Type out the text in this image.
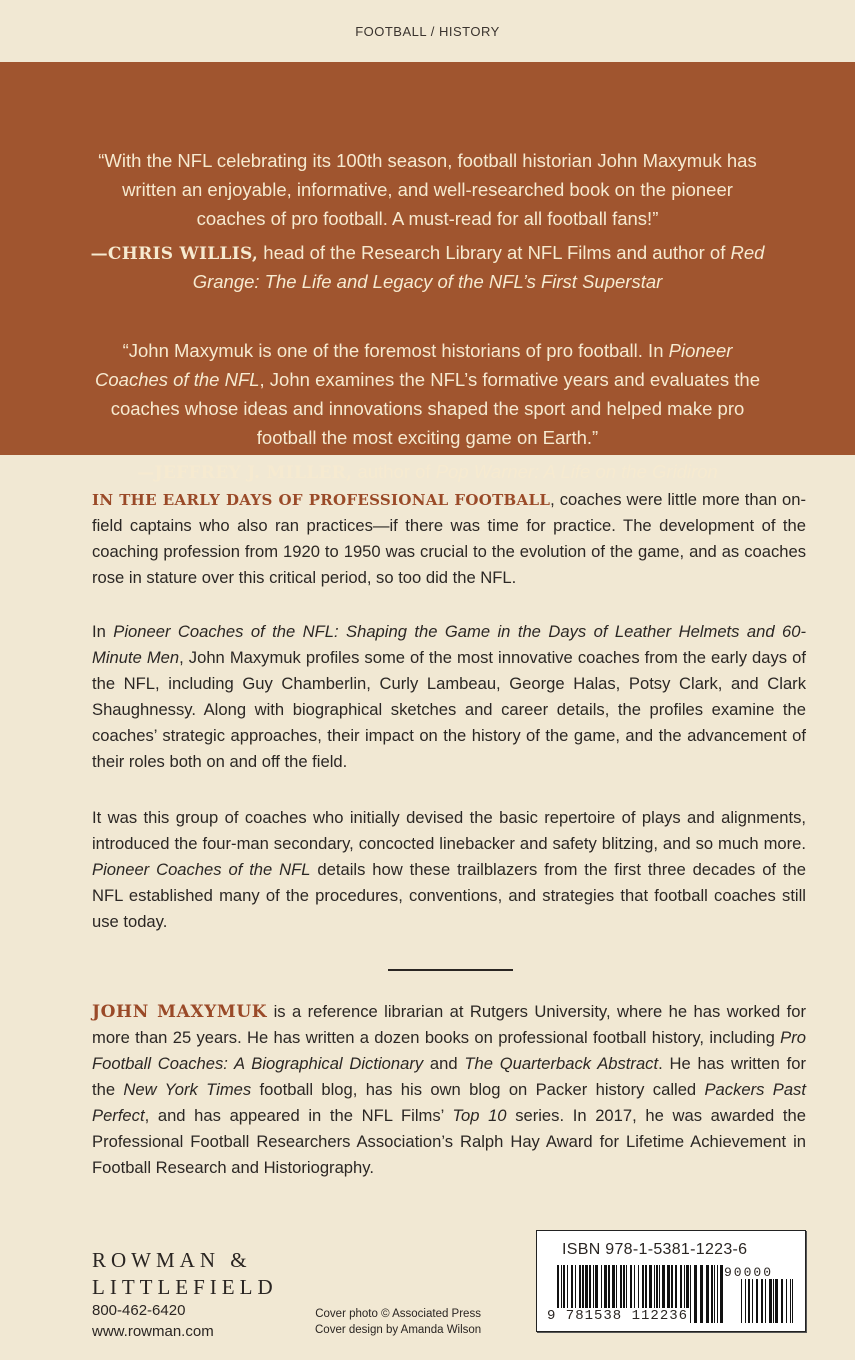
FOOTBALL / HISTORY
“With the NFL celebrating its 100th season, football historian John Maxymuk has written an enjoyable, informative, and well-researched book on the pioneer coaches of pro football. A must-read for all football fans!”
—CHRIS WILLIS, head of the Research Library at NFL Films and author of Red Grange: The Life and Legacy of the NFL’s First Superstar
“John Maxymuk is one of the foremost historians of pro football. In Pioneer Coaches of the NFL, John examines the NFL’s formative years and evaluates the coaches whose ideas and innovations shaped the sport and helped make pro football the most exciting game on Earth.”
—JEFFREY J. MILLER, author of Pop Warner: A Life on the Gridiron
IN THE EARLY DAYS OF PROFESSIONAL FOOTBALL, coaches were little more than on-field captains who also ran practices—if there was time for practice. The development of the coaching profession from 1920 to 1950 was crucial to the evolution of the game, and as coaches rose in stature over this critical period, so too did the NFL.
In Pioneer Coaches of the NFL: Shaping the Game in the Days of Leather Helmets and 60-Minute Men, John Maxymuk profiles some of the most innovative coaches from the early days of the NFL, including Guy Chamberlin, Curly Lambeau, George Halas, Potsy Clark, and Clark Shaughnessy. Along with biographical sketches and career details, the profiles examine the coaches’ strategic approaches, their impact on the history of the game, and the advancement of their roles both on and off the field.
It was this group of coaches who initially devised the basic repertoire of plays and alignments, introduced the four-man secondary, concocted linebacker and safety blitzing, and so much more. Pioneer Coaches of the NFL details how these trailblazers from the first three decades of the NFL established many of the procedures, conventions, and strategies that football coaches still use today.
JOHN MAXYMUK is a reference librarian at Rutgers University, where he has worked for more than 25 years. He has written a dozen books on professional football history, including Pro Football Coaches: A Biographical Dictionary and The Quarterback Abstract. He has written for the New York Times football blog, has his own blog on Packer history called Packers Past Perfect, and has appeared in the NFL Films’ Top 10 series. In 2017, he was awarded the Professional Football Researchers Association’s Ralph Hay Award for Lifetime Achievement in Football Research and Historiography.
ROWMAN &
LITTLEFIELD
800-462-6420
www.rowman.com
Cover photo © Associated Press
Cover design by Amanda Wilson
ISBN 978-1-5381-1223-6
9 781538 112236
90000
